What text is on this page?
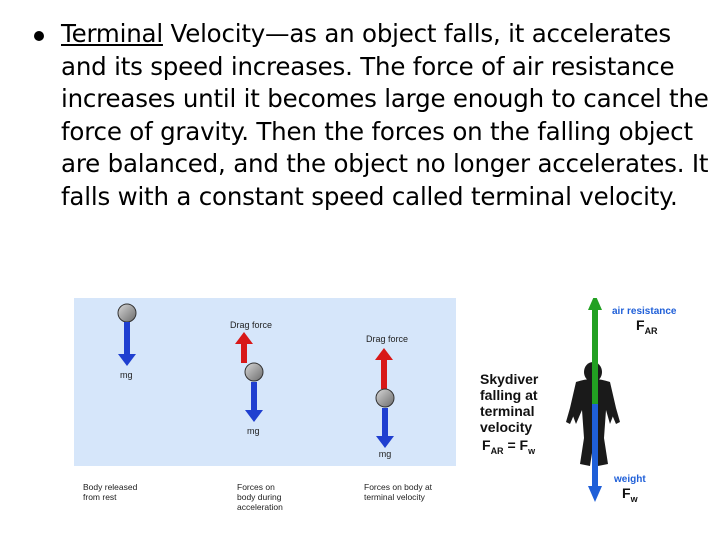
Terminal Velocity—as an object falls, it accelerates and its speed increases. The force of air resistance increases until it becomes large enough to cancel the force of gravity. Then the forces on the falling object are balanced, and the object no longer accelerates. It falls with a constant speed called terminal velocity.
mg
Drag force
mg
Drag force
mg
Body released
from rest
Forces on
body during
acceleration
Forces on body at
terminal velocity
Skydiver
falling at
terminal
velocity
$F_{AR} = F_w$
air resistance
$F_{AR}$
weight
$F_w$
